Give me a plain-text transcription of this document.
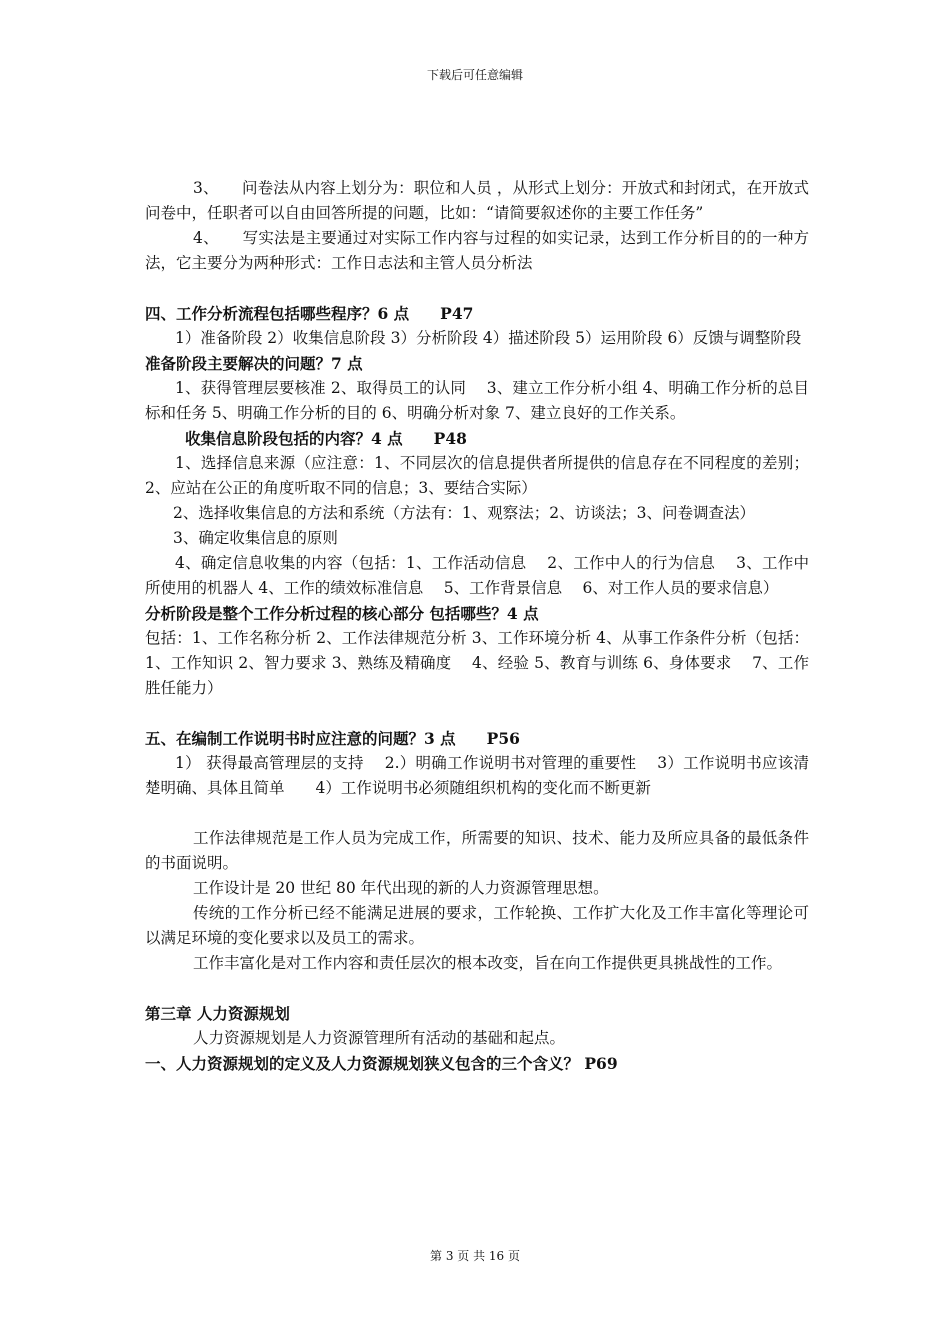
下载后可任意编辑

3、　　问卷法从内容上划分为：职位和人员 ，从形式上划分：开放式和封闭式，在开放式问卷中，任职者可以自由回答所提的问题，比如：“请简要叙述你的主要工作任务”

4、　　写实法是主要通过对实际工作内容与过程的如实记录，达到工作分析目的的一种方法，它主要分为两种形式：工作日志法和主管人员分析法

四、工作分析流程包括哪些程序？6 点　　P47

1）准备阶段 2）收集信息阶段 3）分析阶段 4）描述阶段 5）运用阶段 6）反馈与调整阶段

准备阶段主要解决的问题？7 点

1、获得管理层要核准 2、取得员工的认同　 3、建立工作分析小组 4、明确工作分析的总目标和任务 5、明确工作分析的目的 6、明确分析对象 7、建立良好的工作关系。

收集信息阶段包括的内容？4 点　　P48

1、选择信息来源（应注意：1、不同层次的信息提供者所提供的信息存在不同程度的差别；2、应站在公正的角度听取不同的信息；3、要结合实际）

2、选择收集信息的方法和系统（方法有：1、观察法；2、访谈法；3、问卷调查法）

3、确定收集信息的原则

4、确定信息收集的内容（包括：1、工作活动信息　 2、工作中人的行为信息　 3、工作中所使用的机器人 4、工作的绩效标准信息　 5、工作背景信息　 6、对工作人员的要求信息）

分析阶段是整个工作分析过程的核心部分 包括哪些？4 点

包括：1、工作名称分析 2、工作法律规范分析 3、工作环境分析 4、从事工作条件分析（包括：1、工作知识 2、智力要求 3、熟练及精确度　 4、经验 5、教育与训练 6、身体要求　 7、工作胜任能力）

五、在编制工作说明书时应注意的问题？3 点　　P56

1） 获得最高管理层的支持　 2.）明确工作说明书对管理的重要性　 3）工作说明书应该清楚明确、具体且简单　　4）工作说明书必须随组织机构的变化而不断更新

工作法律规范是工作人员为完成工作，所需要的知识、技术、能力及所应具备的最低条件的书面说明。

工作设计是 20 世纪 80 年代出现的新的人力资源管理思想。

传统的工作分析已经不能满足进展的要求，工作轮换、工作扩大化及工作丰富化等理论可以满足环境的变化要求以及员工的需求。

工作丰富化是对工作内容和责任层次的根本改变，旨在向工作提供更具挑战性的工作。

第三章 人力资源规划

人力资源规划是人力资源管理所有活动的基础和起点。

一、人力资源规划的定义及人力资源规划狭义包含的三个含义？ P69

第 3 页 共 16 页
